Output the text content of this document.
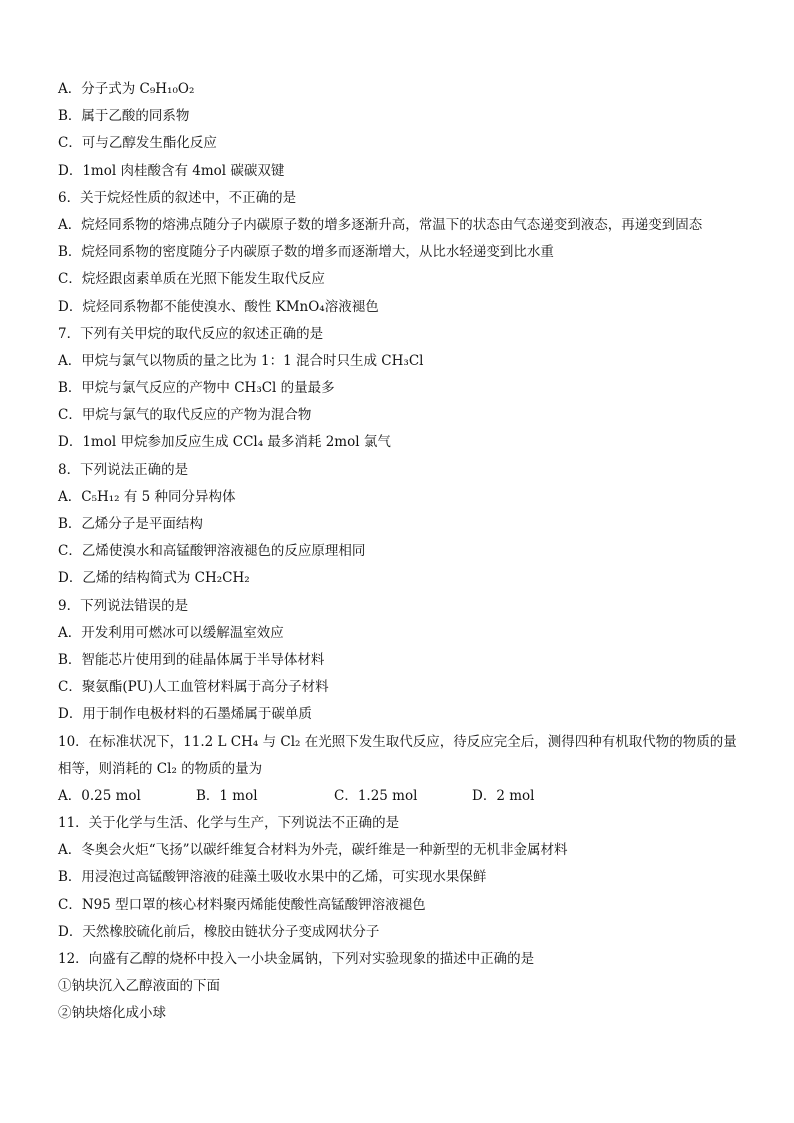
A．分子式为 C₉H₁₀O₂
B．属于乙酸的同系物
C．可与乙醇发生酯化反应
D．1mol 肉桂酸含有 4mol 碳碳双键
6．关于烷烃性质的叙述中，不正确的是
A．烷烃同系物的熔沸点随分子内碳原子数的增多逐渐升高，常温下的状态由气态递变到液态，再递变到固态
B．烷烃同系物的密度随分子内碳原子数的增多而逐渐增大，从比水轻递变到比水重
C．烷烃跟卤素单质在光照下能发生取代反应
D．烷烃同系物都不能使溴水、酸性 KMnO₄溶液褪色
7．下列有关甲烷的取代反应的叙述正确的是
A．甲烷与氯气以物质的量之比为 1：1 混合时只生成 CH₃Cl
B．甲烷与氯气反应的产物中 CH₃Cl 的量最多
C．甲烷与氯气的取代反应的产物为混合物
D．1mol 甲烷参加反应生成 CCl₄ 最多消耗 2mol 氯气
8．下列说法正确的是
A．C₅H₁₂ 有 5 种同分异构体
B．乙烯分子是平面结构
C．乙烯使溴水和高锰酸钾溶液褪色的反应原理相同
D．乙烯的结构简式为 CH₂CH₂
9．下列说法错误的是
A．开发利用可燃冰可以缓解温室效应
B．智能芯片使用到的硅晶体属于半导体材料
C．聚氨酯(PU)人工血管材料属于高分子材料
D．用于制作电极材料的石墨烯属于碳单质
10．在标准状况下，11.2 L CH₄ 与 Cl₂ 在光照下发生取代反应，待反应完全后，测得四种有机取代物的物质的量相等，则消耗的 Cl₂ 的物质的量为
A．0.25 mol	B．1 mol	C．1.25 mol	D．2 mol
11．关于化学与生活、化学与生产，下列说法不正确的是
A．冬奥会火炬“飞扬”以碳纤维复合材料为外壳，碳纤维是一种新型的无机非金属材料
B．用浸泡过高锰酸钾溶液的硅藻土吸收水果中的乙烯，可实现水果保鲜
C．N95 型口罩的核心材料聚丙烯能使酸性高锰酸钾溶液褪色
D．天然橡胶硫化前后，橡胶由链状分子变成网状分子
12．向盛有乙醇的烧杯中投入一小块金属钠，下列对实验现象的描述中正确的是
①钠块沉入乙醇液面的下面
②钠块熔化成小球
